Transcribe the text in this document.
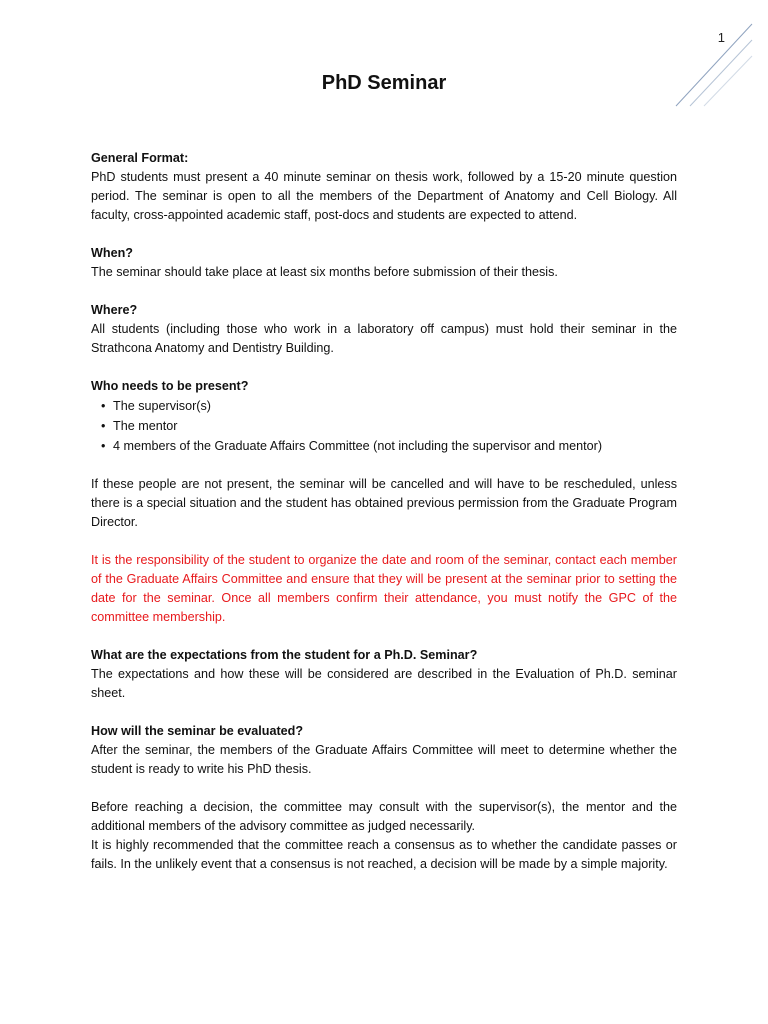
1
PhD Seminar

General Format:

PhD students must present a 40 minute seminar on thesis work, followed by a 15-20 minute question period. The seminar is open to all the members of the Department of Anatomy and Cell Biology. All faculty, cross-appointed academic staff, post-docs and students are expected to attend.

When?

The seminar should take place at least six months before submission of their thesis.

Where?

All students (including those who work in a laboratory off campus) must hold their seminar in the Strathcona Anatomy and Dentistry Building.

Who needs to be present?

• The supervisor(s)
• The mentor
• 4 members of the Graduate Affairs Committee (not including the supervisor and mentor)

If these people are not present, the seminar will be cancelled and will have to be rescheduled, unless there is a special situation and the student has obtained previous permission from the Graduate Program Director.

It is the responsibility of the student to organize the date and room of the seminar, contact each member of the Graduate Affairs Committee and ensure that they will be present at the seminar prior to setting the date for the seminar. Once all members confirm their attendance, you must notify the GPC of the committee membership.

What are the expectations from the student for a Ph.D. Seminar?

The expectations and how these will be considered are described in the Evaluation of Ph.D. seminar sheet.

How will the seminar be evaluated?

After the seminar, the members of the Graduate Affairs Committee will meet to determine whether the student is ready to write his PhD thesis.

Before reaching a decision, the committee may consult with the supervisor(s), the mentor and the additional members of the advisory committee as judged necessarily.

It is highly recommended that the committee reach a consensus as to whether the candidate passes or fails. In the unlikely event that a consensus is not reached, a decision will be made by a simple majority.
